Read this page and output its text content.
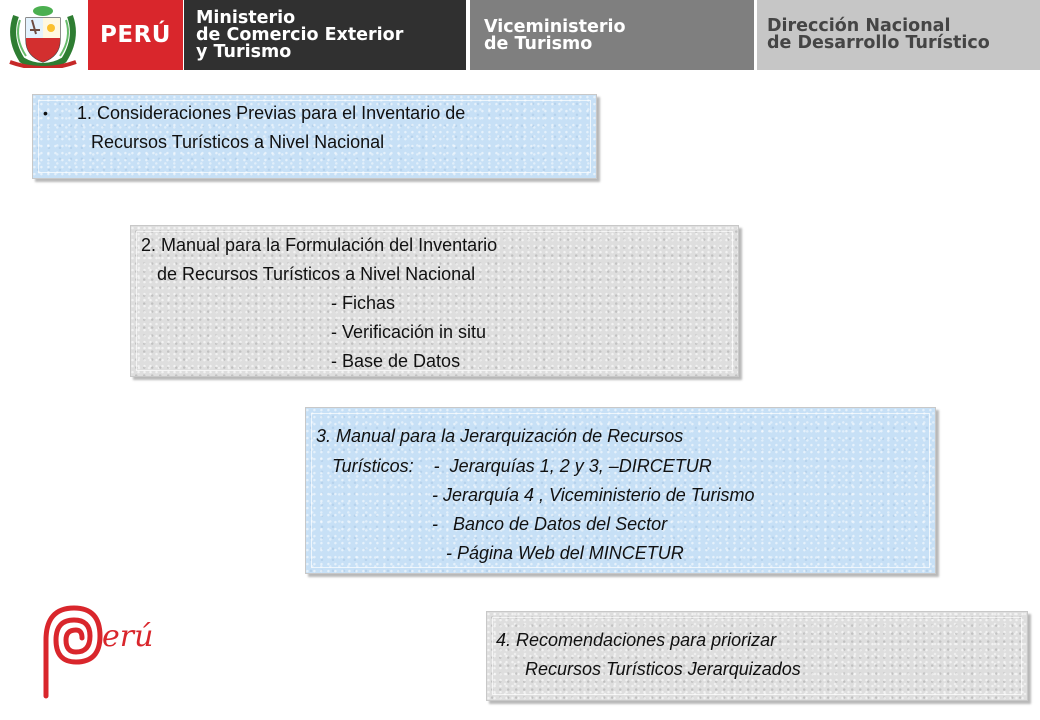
PERÚ
Ministerio
de Comercio Exterior
y Turismo
Viceministerio
de Turismo
Dirección Nacional
de Desarrollo Turístico
• 1. Consideraciones Previas para el Inventario de
Recursos Turísticos a Nivel Nacional
2. Manual para la Formulación del Inventario
de Recursos Turísticos a Nivel Nacional
- Fichas
- Verificación in situ
- Base de Datos
3. Manual para la Jerarquización de Recursos
Turísticos:    -  Jerarquías 1, 2 y 3, –DIRCETUR
- Jerarquía 4 , Viceministerio de Turismo
-   Banco de Datos del Sector
- Página Web del MINCETUR
4. Recomendaciones para priorizar
Recursos Turísticos Jerarquizados
erú
